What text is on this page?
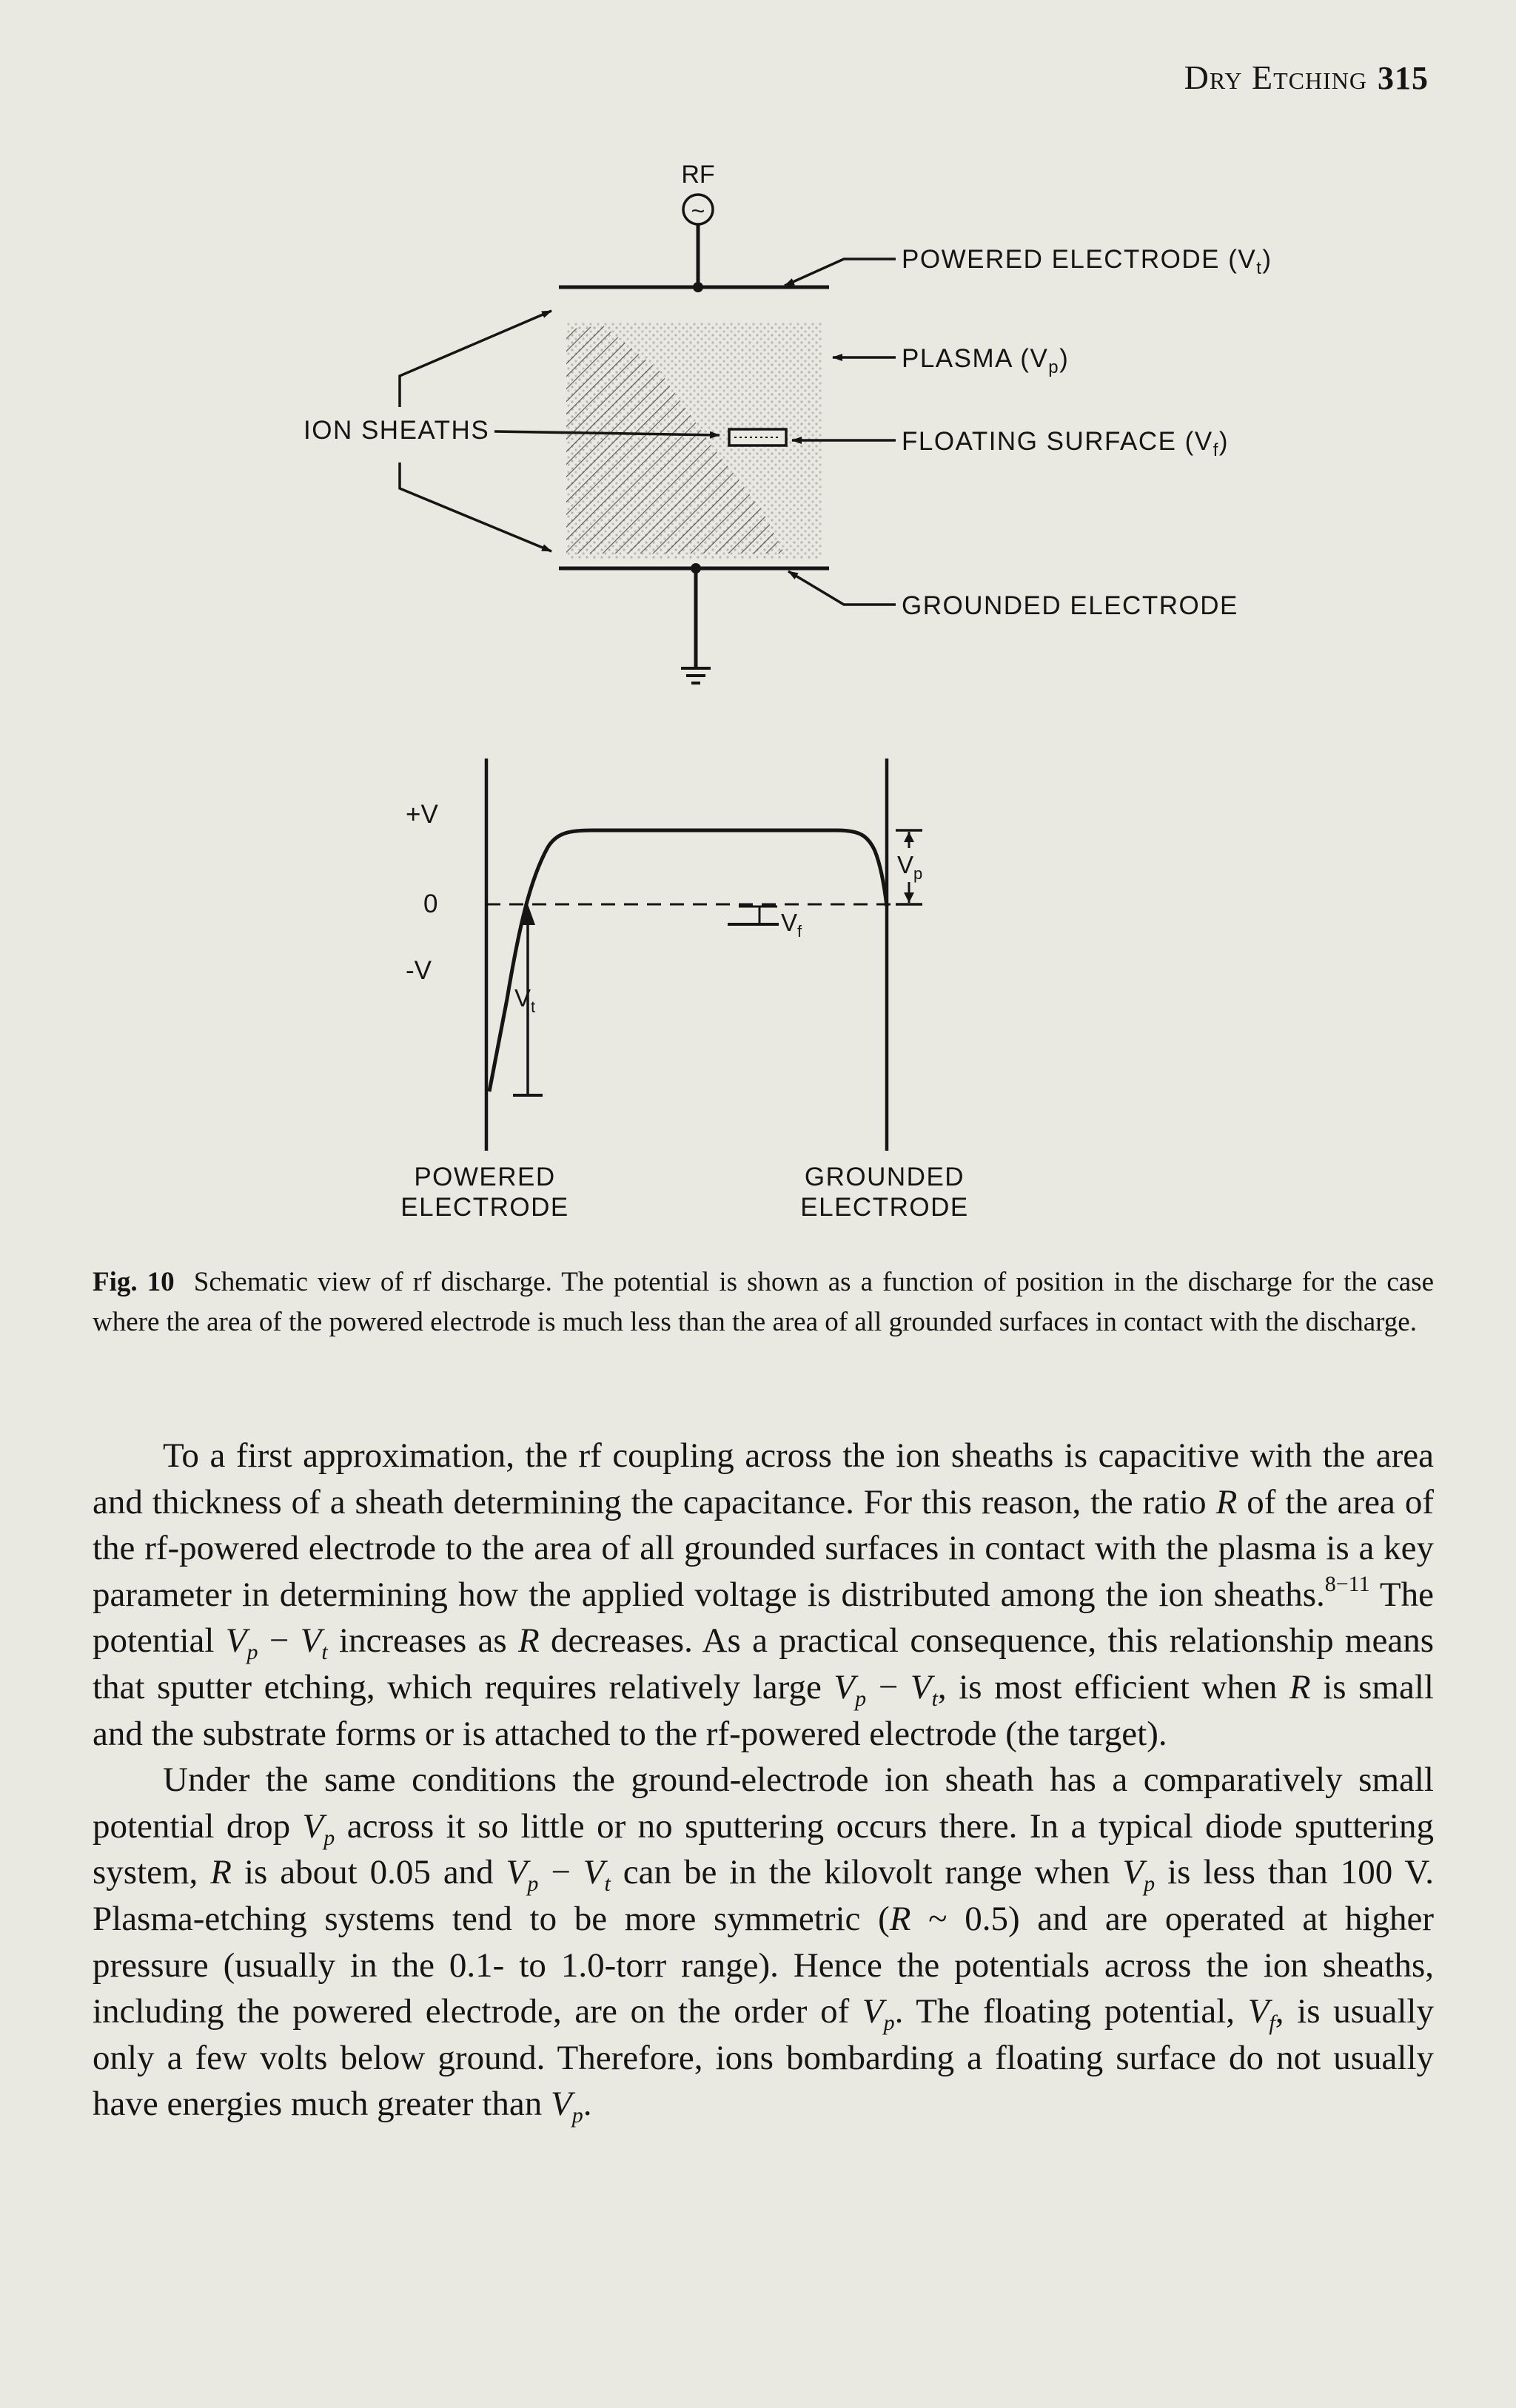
Dry Etching 315
RF
~
POWERED ELECTRODE $(V_t)$
PLASMA $(V_p)$
FLOATING SURFACE $(V_f)$
GROUNDED ELECTRODE
ION SHEATHS
+V
0
-V
$V_t$
$V_f$
$V_p$
POWERED
ELECTRODE
GROUNDED
ELECTRODE
Fig. 10 Schematic view of rf discharge. The potential is shown as a function of position in the discharge for the case where the area of the powered electrode is much less than the area of all grounded surfaces in contact with the discharge.

To a first approximation, the rf coupling across the ion sheaths is capacitive with the area and thickness of a sheath determining the capacitance. For this reason, the ratio R of the area of the rf-powered electrode to the area of all grounded surfaces in contact with the plasma is a key parameter in determining how the applied voltage is distributed among the ion sheaths.$^{8-11}$ The potential $V_p - V_t$ increases as R decreases. As a practical consequence, this relationship means that sputter etching, which requires relatively large $V_p - V_t$, is most efficient when R is small and the substrate forms or is attached to the rf-powered electrode (the target).

Under the same conditions the ground-electrode ion sheath has a comparatively small potential drop $V_p$ across it so little or no sputtering occurs there. In a typical diode sputtering system, R is about 0.05 and $V_p - V_t$ can be in the kilovolt range when $V_p$ is less than 100 V. Plasma-etching systems tend to be more symmetric (R ~ 0.5) and are operated at higher pressure (usually in the 0.1- to 1.0-torr range). Hence the potentials across the ion sheaths, including the powered electrode, are on the order of $V_p$. The floating potential, $V_f$, is usually only a few volts below ground. Therefore, ions bombarding a floating surface do not usually have energies much greater than $V_p$.
